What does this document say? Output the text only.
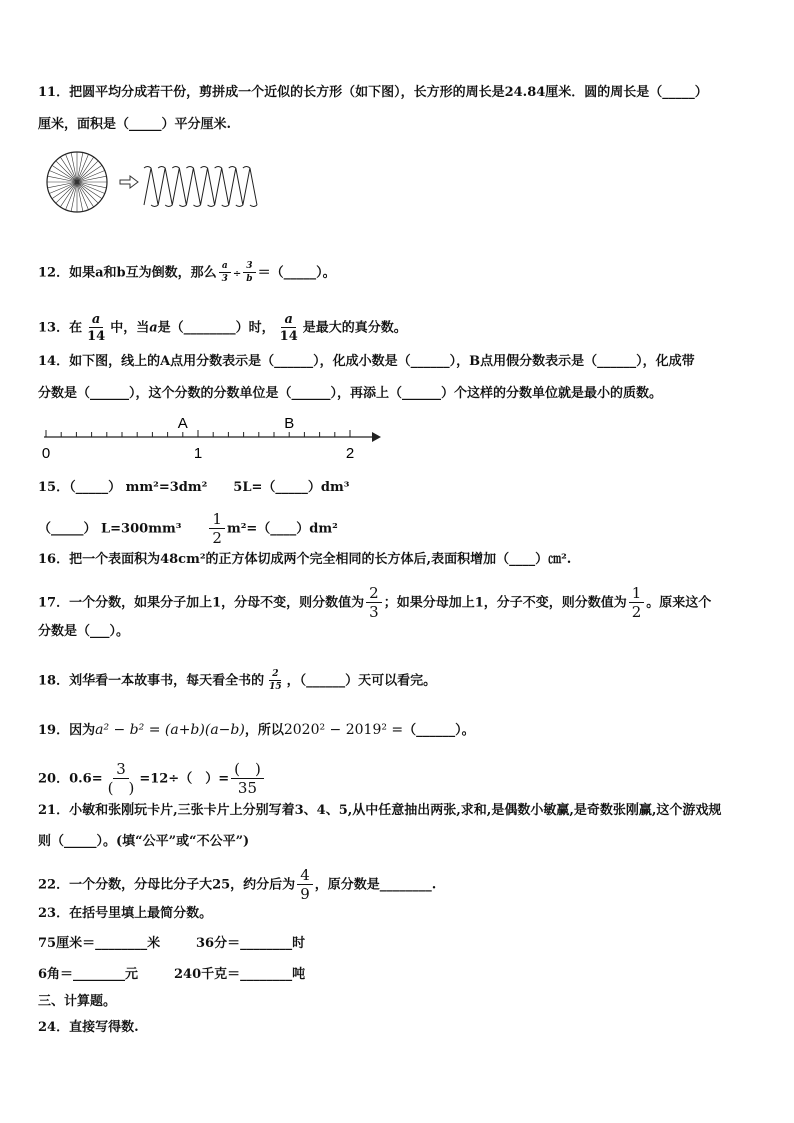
11．把圆平均分成若干份，剪拼成一个近似的长方形（如下图），长方形的周长是24.84厘米．圆的周长是（_____）
厘米，面积是（_____）平分厘米.
12．如果a和b互为倒数，那么 $\frac{a}{3} \div \frac{3}{b}$ ＝（_____）。
13．在 $\frac{a}{14}$ 中，当a是（________）时， $\frac{a}{14}$ 是最大的真分数。
14．如下图，线上的A点用分数表示是（______），化成小数是（______），B点用假分数表示是（______），化成带
分数是（______），这个分数的分数单位是（______），再添上（______）个这样的分数单位就是最小的质数。
A	B
0	1	2
15．（_____） mm²=3dm²　　5L=（_____）dm³
（_____） L=300mm³　　 $\frac{1}{2}$ m²=（____）dm²
16．把一个表面积为48cm²的正方体切成两个完全相同的长方体后,表面积增加（____）㎝².
17．一个分数，如果分子加上1，分母不变，则分数值为 $\frac{2}{3}$ ；如果分母加上1，分子不变，则分数值为 $\frac{1}{2}$ 。原来这个
分数是（___）。
18．刘华看一本故事书，每天看全书的 $\frac{2}{15}$ ，（______）天可以看完。
19．因为a² − b² = (a+b)(a−b)，所以2020² − 2019² =（______）。
20．$0.6= \frac{3}{( )} =12\div$（　）= $\frac{( )}{35}$
21．小敏和张刚玩卡片,三张卡片上分别写着3、4、5,从中任意抽出两张,求和,是偶数小敏赢,是奇数张刚赢,这个游戏规
则（_____）。(填“公平”或“不公平”)
22．一个分数，分母比分子大25，约分后为 $\frac{4}{9}$ ，原分数是________.
23．在括号里填上最简分数。
75厘米＝________米	36分＝________时
6角＝________元	240千克＝________吨
三、计算题。
24．直接写得数.
